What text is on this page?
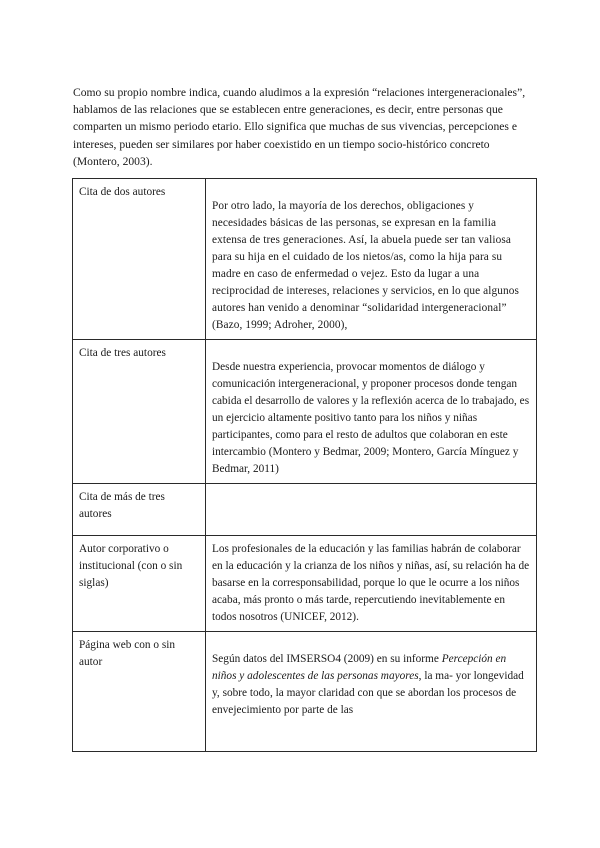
Como su propio nombre indica, cuando aludimos a la expresión “relaciones intergeneracionales”, hablamos de las relaciones que se establecen entre generaciones, es decir, entre personas que comparten un mismo periodo etario. Ello significa que muchas de sus vivencias, percepciones e intereses, pueden ser similares por haber coexistido en un tiempo socio-histórico concreto (Montero, 2003).

Cita de dos autores	Por otro lado, la mayoría de los derechos, obligaciones y necesidades básicas de las personas, se expresan en la familia extensa de tres generaciones. Así, la abuela puede ser tan valiosa para su hija en el cuidado de los nietos/as, como la hija para su madre en caso de enfermedad o vejez. Esto da lugar a una reciprocidad de intereses, relaciones y servicios, en lo que algunos autores han venido a denominar “solidaridad intergeneracional” (Bazo, 1999; Adroher, 2000),
Cita de tres autores	Desde nuestra experiencia, provocar momentos de diálogo y comunicación intergeneracional, y proponer procesos donde tengan cabida el desarrollo de valores y la reflexión acerca de lo trabajado, es un ejercicio altamente positivo tanto para los niños y niñas participantes, como para el resto de adultos que colaboran en este intercambio (Montero y Bedmar, 2009; Montero, García Mínguez y Bedmar, 2011)
Cita de más de tres autores	
Autor corporativo o institucional (con o sin siglas)	Los profesionales de la educación y las familias habrán de colaborar en la educación y la crianza de los niños y niñas, así, su relación ha de basarse en la corresponsabilidad, porque lo que le ocurre a los niños acaba, más pronto o más tarde, repercutiendo inevitablemente en todos nosotros (UNICEF, 2012).
Página web con o sin autor	Según datos del IMSERSO4 (2009) en su informe Percepción en niños y adolescentes de las personas mayores, la ma- yor longevidad y, sobre todo, la mayor claridad con que se abordan los procesos de envejecimiento por parte de las
